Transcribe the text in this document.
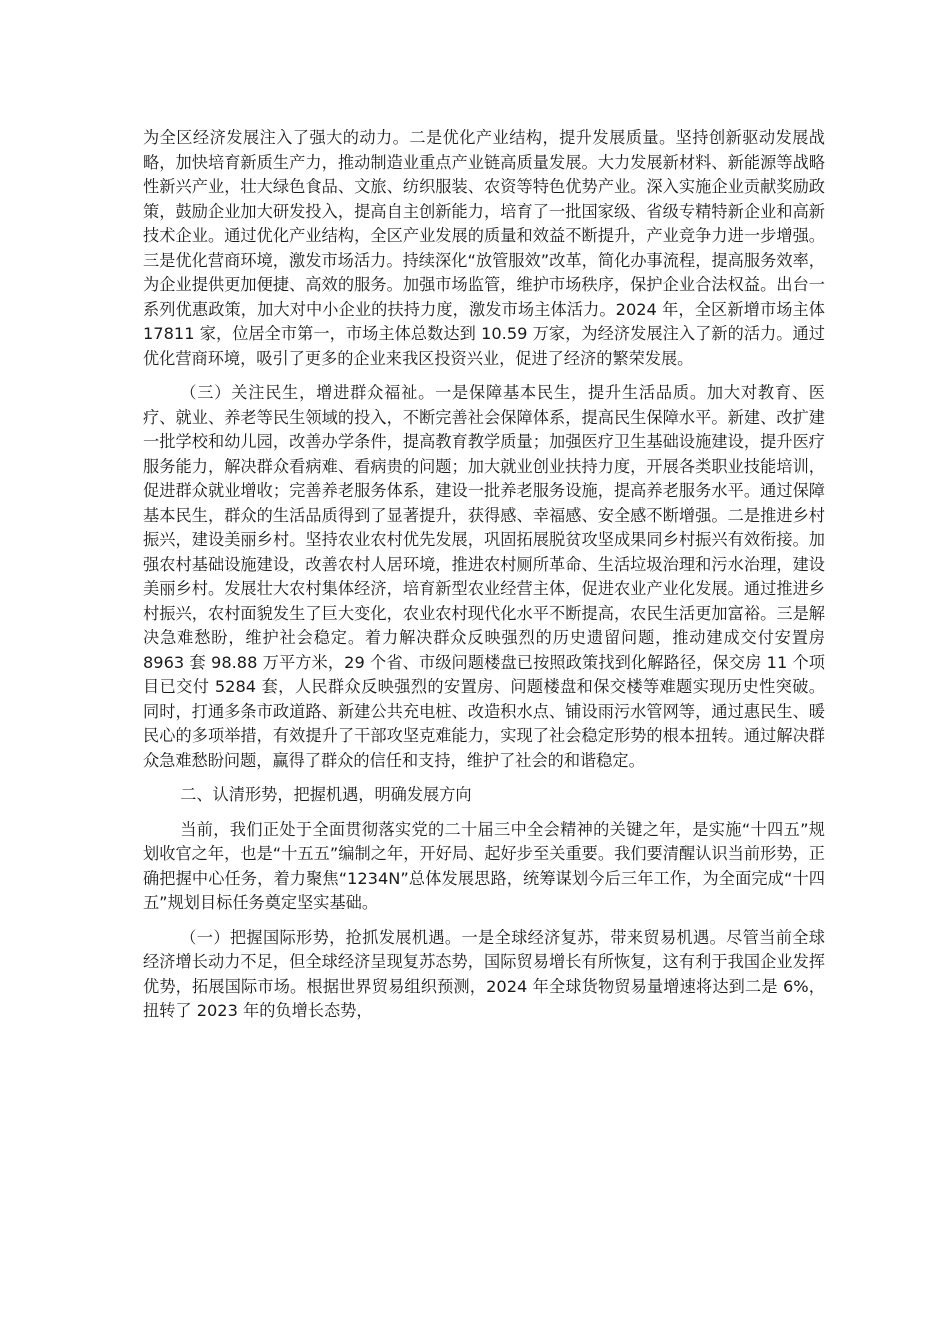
为全区经济发展注入了强大的动力。二是优化产业结构，提升发展质量。坚持创新驱动发展战略，加快培育新质生产力，推动制造业重点产业链高质量发展。大力发展新材料、新能源等战略性新兴产业，壮大绿色食品、文旅、纺织服装、农资等特色优势产业。深入实施企业贡献奖励政策，鼓励企业加大研发投入，提高自主创新能力，培育了一批国家级、省级专精特新企业和高新技术企业。通过优化产业结构，全区产业发展的质量和效益不断提升，产业竞争力进一步增强。三是优化营商环境，激发市场活力。持续深化“放管服效”改革，简化办事流程，提高服务效率，为企业提供更加便捷、高效的服务。加强市场监管，维护市场秩序，保护企业合法权益。出台一系列优惠政策，加大对中小企业的扶持力度，激发市场主体活力。2024 年，全区新增市场主体 17811 家，位居全市第一，市场主体总数达到 10.59 万家，为经济发展注入了新的活力。通过优化营商环境，吸引了更多的企业来我区投资兴业，促进了经济的繁荣发展。

（三）关注民生，增进群众福祉。一是保障基本民生，提升生活品质。加大对教育、医疗、就业、养老等民生领域的投入，不断完善社会保障体系，提高民生保障水平。新建、改扩建一批学校和幼儿园，改善办学条件，提高教育教学质量；加强医疗卫生基础设施建设，提升医疗服务能力，解决群众看病难、看病贵的问题；加大就业创业扶持力度，开展各类职业技能培训，促进群众就业增收；完善养老服务体系，建设一批养老服务设施，提高养老服务水平。通过保障基本民生，群众的生活品质得到了显著提升，获得感、幸福感、安全感不断增强。二是推进乡村振兴，建设美丽乡村。坚持农业农村优先发展，巩固拓展脱贫攻坚成果同乡村振兴有效衔接。加强农村基础设施建设，改善农村人居环境，推进农村厕所革命、生活垃圾治理和污水治理，建设美丽乡村。发展壮大农村集体经济，培育新型农业经营主体，促进农业产业化发展。通过推进乡村振兴，农村面貌发生了巨大变化，农业农村现代化水平不断提高，农民生活更加富裕。三是解决急难愁盼，维护社会稳定。着力解决群众反映强烈的历史遗留问题，推动建成交付安置房 8963 套 98.88 万平方米，29 个省、市级问题楼盘已按照政策找到化解路径，保交房 11 个项目已交付 5284 套，人民群众反映强烈的安置房、问题楼盘和保交楼等难题实现历史性突破。同时，打通多条市政道路、新建公共充电桩、改造积水点、铺设雨污水管网等，通过惠民生、暖民心的多项举措，有效提升了干部攻坚克难能力，实现了社会稳定形势的根本扭转。通过解决群众急难愁盼问题，赢得了群众的信任和支持，维护了社会的和谐稳定。

二、认清形势，把握机遇，明确发展方向

当前，我们正处于全面贯彻落实党的二十届三中全会精神的关键之年，是实施“十四五”规划收官之年，也是“十五五”编制之年，开好局、起好步至关重要。我们要清醒认识当前形势，正确把握中心任务，着力聚焦“1234N”总体发展思路，统筹谋划今后三年工作，为全面完成“十四五”规划目标任务奠定坚实基础。

（一）把握国际形势，抢抓发展机遇。一是全球经济复苏，带来贸易机遇。尽管当前全球经济增长动力不足，但全球经济呈现复苏态势，国际贸易增长有所恢复，这有利于我国企业发挥优势，拓展国际市场。根据世界贸易组织预测，2024 年全球货物贸易量增速将达到二是 6%，扭转了 2023 年的负增长态势，
